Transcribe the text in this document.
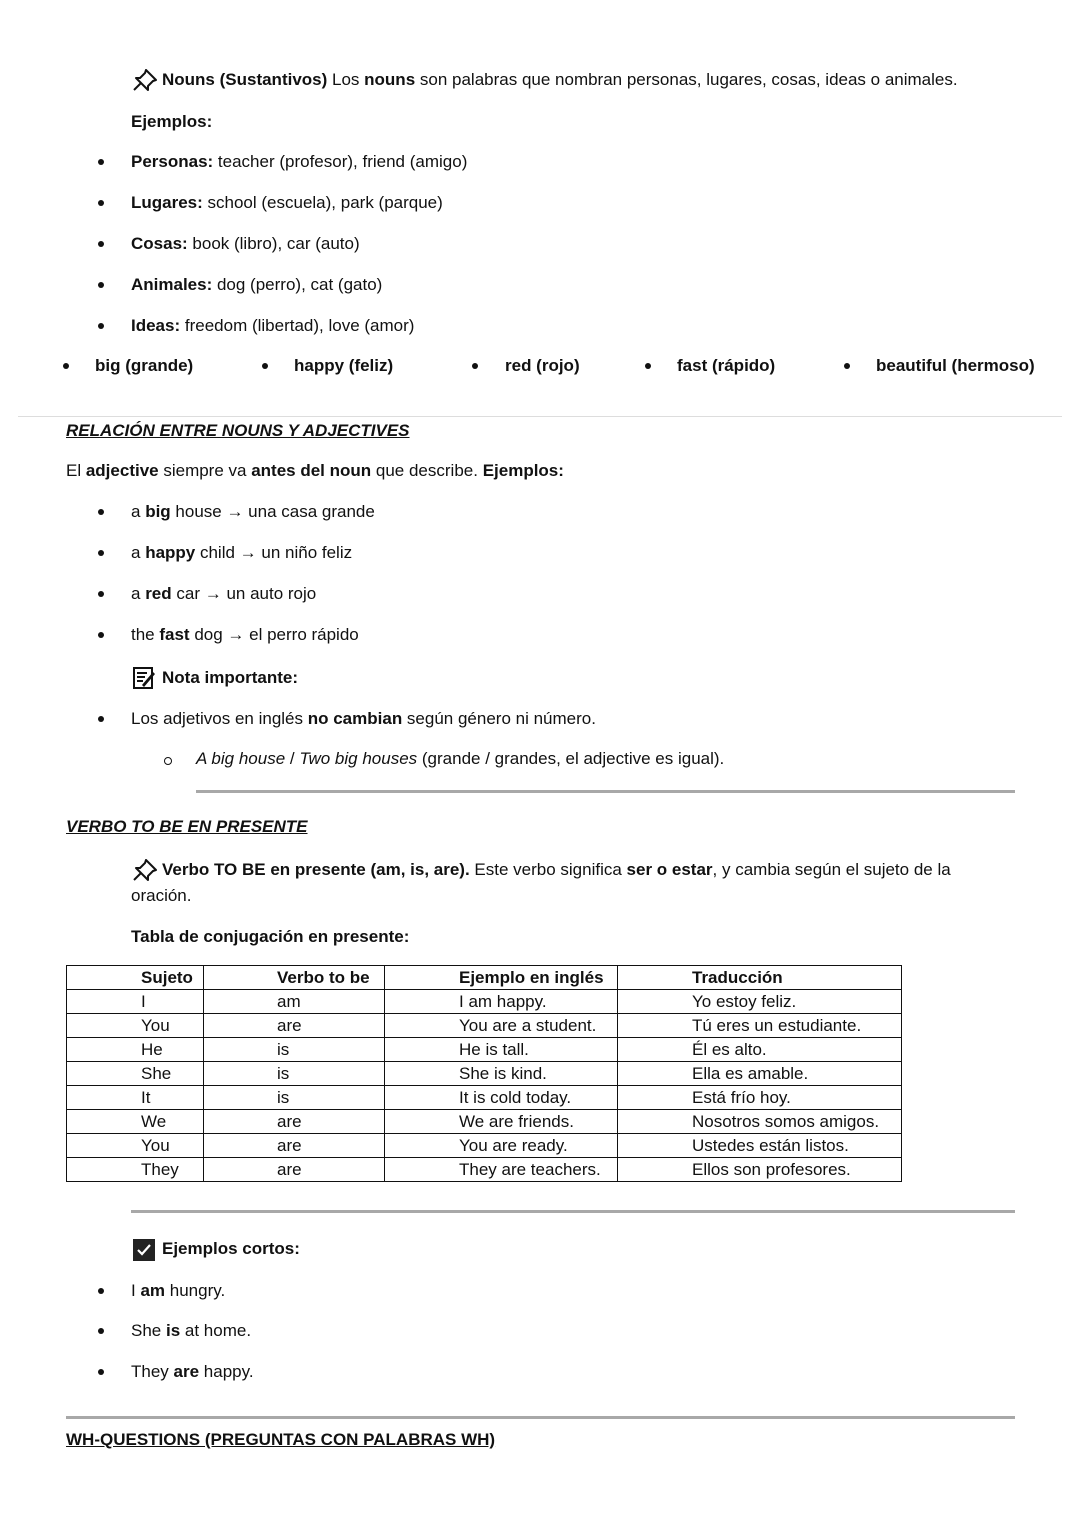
Nouns (Sustantivos) Los nouns son palabras que nombran personas, lugares, cosas, ideas o animales.
Ejemplos:
Personas: teacher (profesor), friend (amigo)
Lugares: school (escuela), park (parque)
Cosas: book (libro), car (auto)
Animales: dog (perro), cat (gato)
Ideas: freedom (libertad), love (amor)
big (grande)	happy (feliz)	red (rojo)	fast (rápido)	beautiful (hermoso)
RELACIÓN ENTRE NOUNS Y ADJECTIVES
El adjective siempre va antes del noun que describe. Ejemplos:
a big house → una casa grande
a happy child → un niño feliz
a red car → un auto rojo
the fast dog → el perro rápido
Nota importante:
Los adjetivos en inglés no cambian según género ni número.
A big house / Two big houses (grande / grandes, el adjective es igual).
VERBO TO BE EN PRESENTE
Verbo TO BE en presente (am, is, are). Este verbo significa ser o estar, y cambia según el sujeto de la
oración.
Tabla de conjugación en presente:
Sujeto	Verbo to be	Ejemplo en inglés	Traducción
I	am	I am happy.	Yo estoy feliz.
You	are	You are a student.	Tú eres un estudiante.
He	is	He is tall.	Él es alto.
She	is	She is kind.	Ella es amable.
It	is	It is cold today.	Está frío hoy.
We	are	We are friends.	Nosotros somos amigos.
You	are	You are ready.	Ustedes están listos.
They	are	They are teachers.	Ellos son profesores.
Ejemplos cortos:
I am hungry.
She is at home.
They are happy.
WH-QUESTIONS (PREGUNTAS CON PALABRAS WH)
